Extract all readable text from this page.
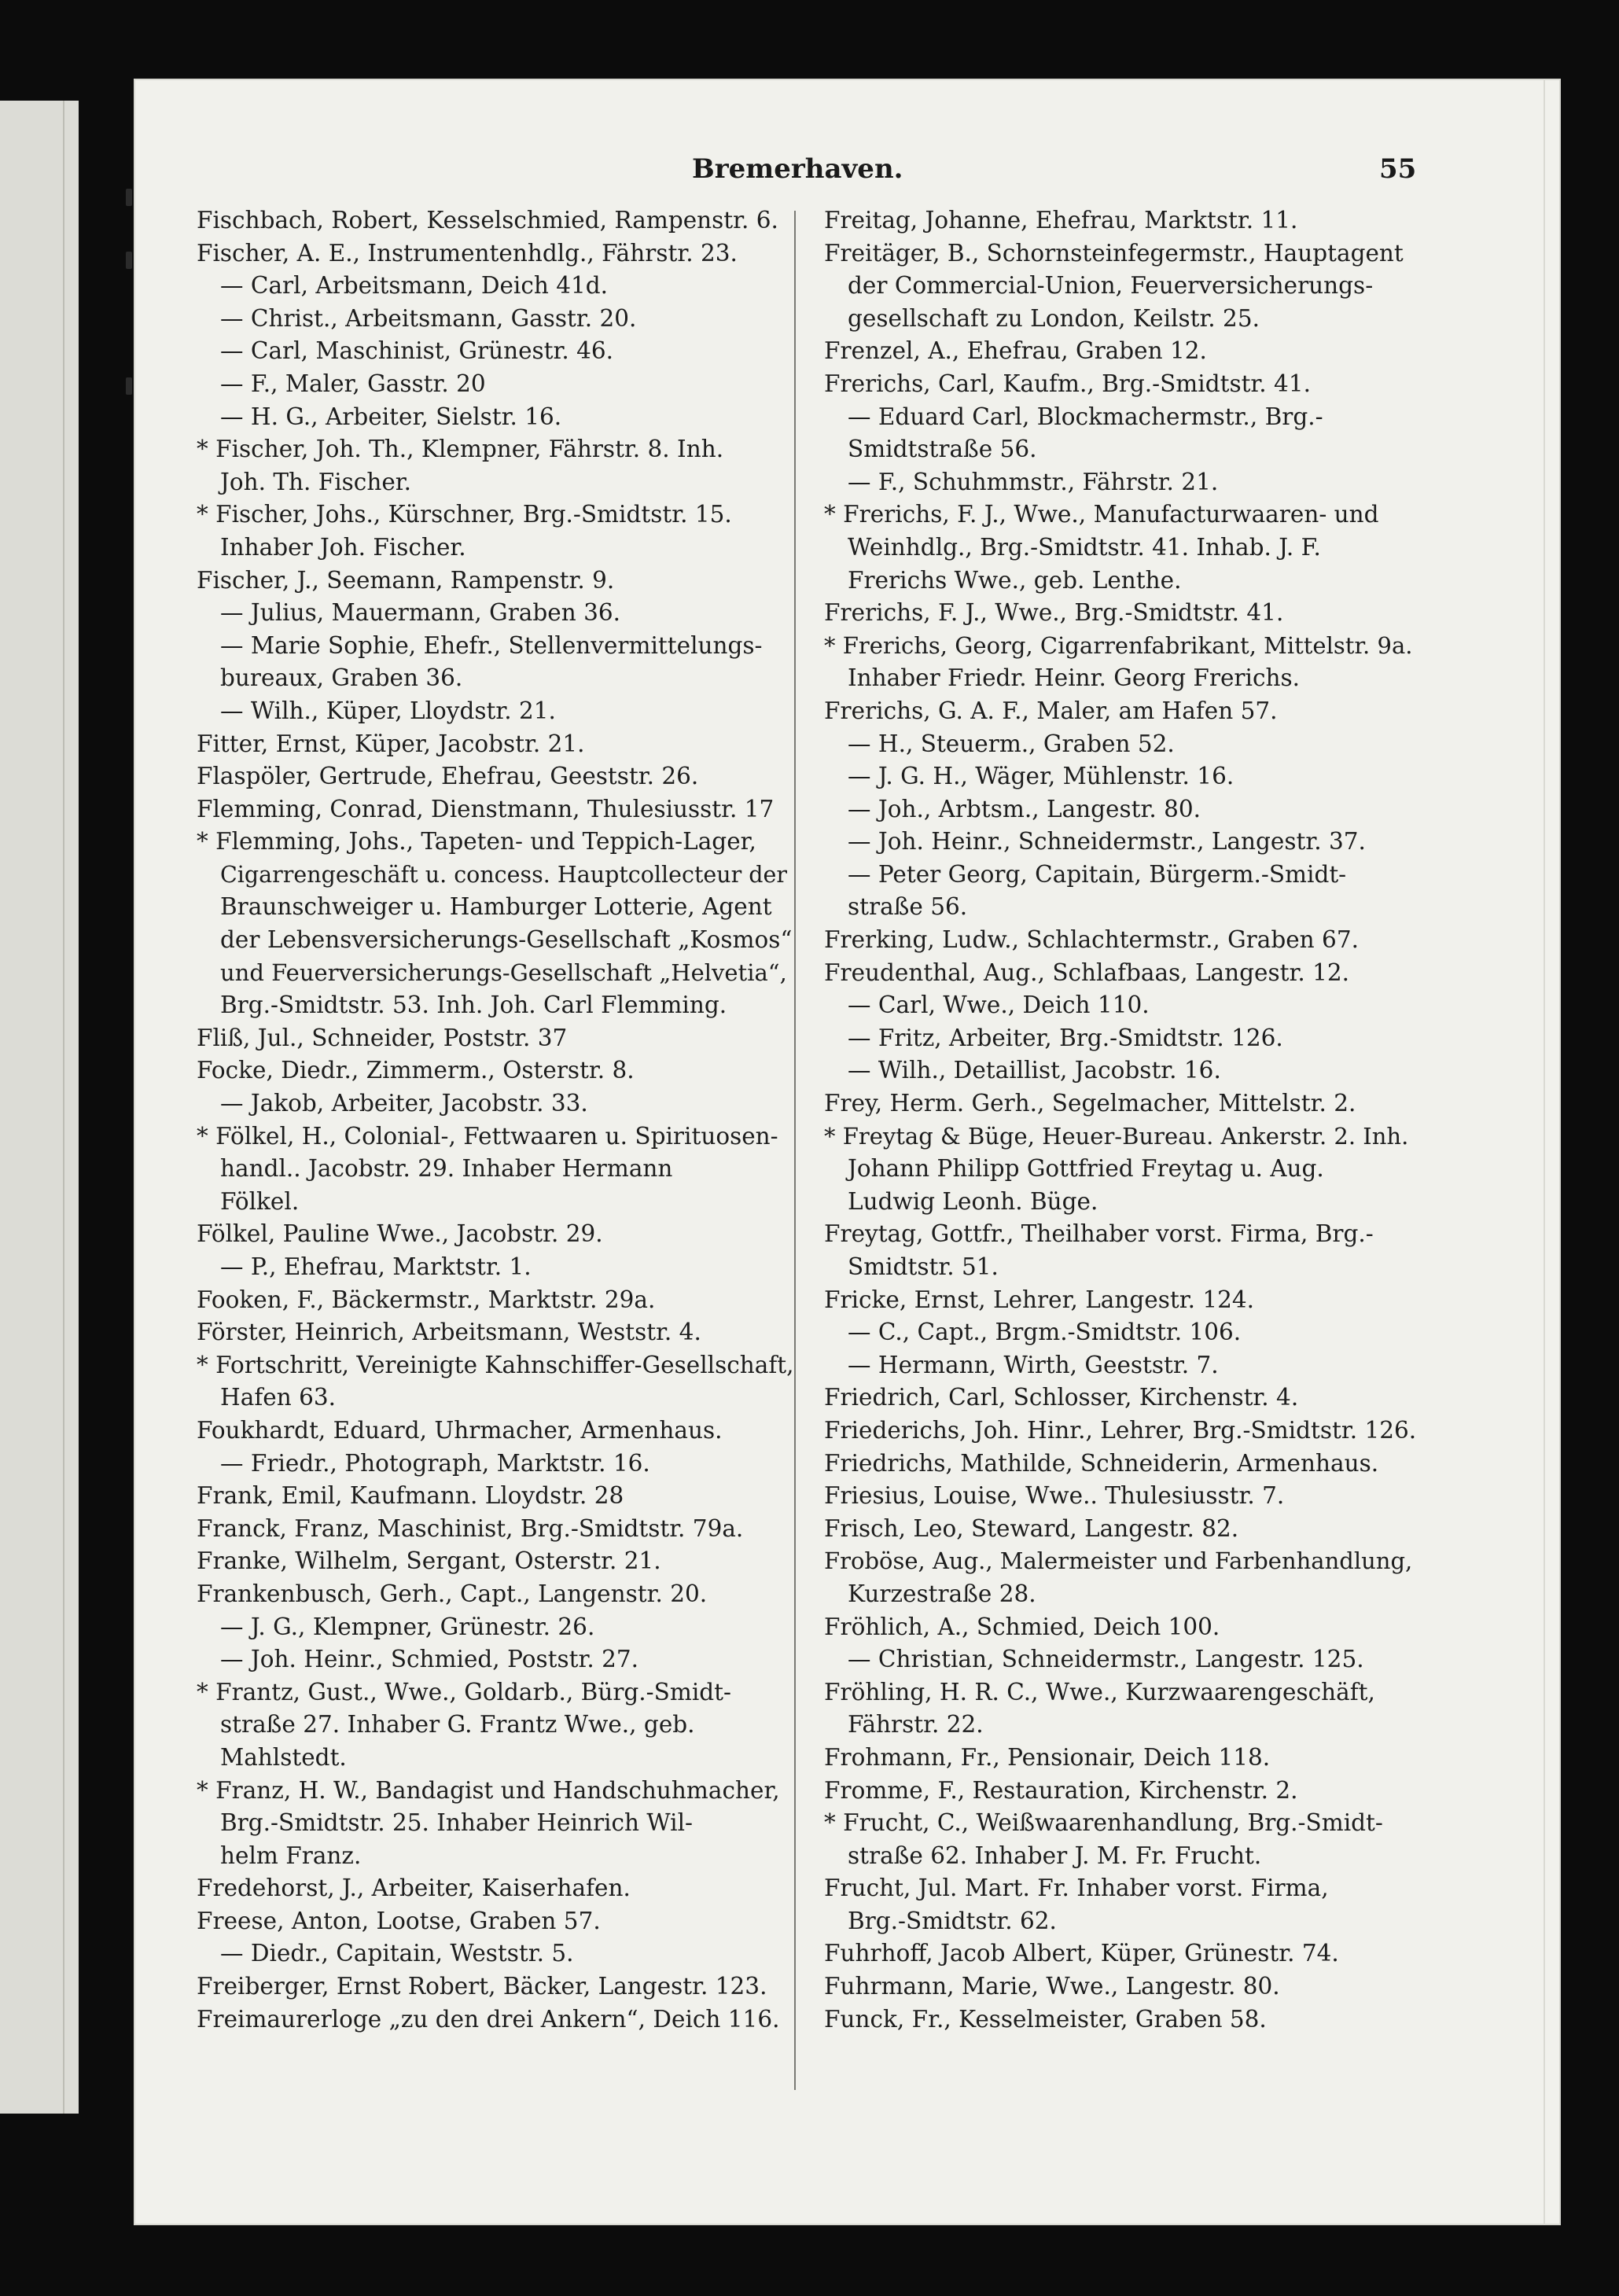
Bremerhaven.	55
Fischbach, Robert, Kesselschmied, Rampenstr. 6.
Fischer, A. E., Instrumentenhdlg., Fährstr. 23.
— Carl, Arbeitsmann, Deich 41d.
— Christ., Arbeitsmann, Gasstr. 20.
— Carl, Maschinist, Grünestr. 46.
— F., Maler, Gasstr. 20
— H. G., Arbeiter, Sielstr. 16.
* Fischer, Joh. Th., Klempner, Fährstr. 8. Inh.
Joh. Th. Fischer.
* Fischer, Johs., Kürschner, Brg.-Smidtstr. 15.
Inhaber Joh. Fischer.
Fischer, J., Seemann, Rampenstr. 9.
— Julius, Mauermann, Graben 36.
— Marie Sophie, Ehefr., Stellenvermittelungs-
bureaux, Graben 36.
— Wilh., Küper, Lloydstr. 21.
Fitter, Ernst, Küper, Jacobstr. 21.
Flaspöler, Gertrude, Ehefrau, Geeststr. 26.
Flemming, Conrad, Dienstmann, Thulesiusstr. 17
* Flemming, Johs., Tapeten- und Teppich-Lager,
Cigarrengeschäft u. concess. Hauptcollecteur der
Braunschweiger u. Hamburger Lotterie, Agent
der Lebensversicherungs-Gesellschaft „Kosmos“
und Feuerversicherungs-Gesellschaft „Helvetia“,
Brg.-Smidtstr. 53. Inh. Joh. Carl Flemming.
Fliß, Jul., Schneider, Poststr. 37
Focke, Diedr., Zimmerm., Osterstr. 8.
— Jakob, Arbeiter, Jacobstr. 33.
* Fölkel, H., Colonial-, Fettwaaren u. Spirituosen-
handl.. Jacobstr. 29. Inhaber Hermann
Fölkel.
Fölkel, Pauline Wwe., Jacobstr. 29.
— P., Ehefrau, Marktstr. 1.
Fooken, F., Bäckermstr., Marktstr. 29a.
Förster, Heinrich, Arbeitsmann, Weststr. 4.
* Fortschritt, Vereinigte Kahnschiffer-Gesellschaft,
Hafen 63.
Foukhardt, Eduard, Uhrmacher, Armenhaus.
— Friedr., Photograph, Marktstr. 16.
Frank, Emil, Kaufmann. Lloydstr. 28
Franck, Franz, Maschinist, Brg.-Smidtstr. 79a.
Franke, Wilhelm, Sergant, Osterstr. 21.
Frankenbusch, Gerh., Capt., Langenstr. 20.
— J. G., Klempner, Grünestr. 26.
— Joh. Heinr., Schmied, Poststr. 27.
* Frantz, Gust., Wwe., Goldarb., Bürg.-Smidt-
straße 27. Inhaber G. Frantz Wwe., geb.
Mahlstedt.
* Franz, H. W., Bandagist und Handschuhmacher,
Brg.-Smidtstr. 25. Inhaber Heinrich Wil-
helm Franz.
Fredehorst, J., Arbeiter, Kaiserhafen.
Freese, Anton, Lootse, Graben 57.
— Diedr., Capitain, Weststr. 5.
Freiberger, Ernst Robert, Bäcker, Langestr. 123.
Freimaurerloge „zu den drei Ankern“, Deich 116.
Freitag, Johanne, Ehefrau, Marktstr. 11.
Freitäger, B., Schornsteinfegermstr., Hauptagent
der Commercial-Union, Feuerversicherungs-
gesellschaft zu London, Keilstr. 25.
Frenzel, A., Ehefrau, Graben 12.
Frerichs, Carl, Kaufm., Brg.-Smidtstr. 41.
— Eduard Carl, Blockmachermstr., Brg.-
Smidtstraße 56.
— F., Schuhmmstr., Fährstr. 21.
* Frerichs, F. J., Wwe., Manufacturwaaren- und
Weinhdlg., Brg.-Smidtstr. 41. Inhab. J. F.
Frerichs Wwe., geb. Lenthe.
Frerichs, F. J., Wwe., Brg.-Smidtstr. 41.
* Frerichs, Georg, Cigarrenfabrikant, Mittelstr. 9a.
Inhaber Friedr. Heinr. Georg Frerichs.
Frerichs, G. A. F., Maler, am Hafen 57.
— H., Steuerm., Graben 52.
— J. G. H., Wäger, Mühlenstr. 16.
— Joh., Arbtsm., Langestr. 80.
— Joh. Heinr., Schneidermstr., Langestr. 37.
— Peter Georg, Capitain, Bürgerm.-Smidt-
straße 56.
Frerking, Ludw., Schlachtermstr., Graben 67.
Freudenthal, Aug., Schlafbaas, Langestr. 12.
— Carl, Wwe., Deich 110.
— Fritz, Arbeiter, Brg.-Smidtstr. 126.
— Wilh., Detaillist, Jacobstr. 16.
Frey, Herm. Gerh., Segelmacher, Mittelstr. 2.
* Freytag & Büge, Heuer-Bureau. Ankerstr. 2. Inh.
Johann Philipp Gottfried Freytag u. Aug.
Ludwig Leonh. Büge.
Freytag, Gottfr., Theilhaber vorst. Firma, Brg.-
Smidtstr. 51.
Fricke, Ernst, Lehrer, Langestr. 124.
— C., Capt., Brgm.-Smidtstr. 106.
— Hermann, Wirth, Geeststr. 7.
Friedrich, Carl, Schlosser, Kirchenstr. 4.
Friederichs, Joh. Hinr., Lehrer, Brg.-Smidtstr. 126.
Friedrichs, Mathilde, Schneiderin, Armenhaus.
Friesius, Louise, Wwe.. Thulesiusstr. 7.
Frisch, Leo, Steward, Langestr. 82.
Froböse, Aug., Malermeister und Farbenhandlung,
Kurzestraße 28.
Fröhlich, A., Schmied, Deich 100.
— Christian, Schneidermstr., Langestr. 125.
Fröhling, H. R. C., Wwe., Kurzwaarengeschäft,
Fährstr. 22.
Frohmann, Fr., Pensionair, Deich 118.
Fromme, F., Restauration, Kirchenstr. 2.
* Frucht, C., Weißwaarenhandlung, Brg.-Smidt-
straße 62. Inhaber J. M. Fr. Frucht.
Frucht, Jul. Mart. Fr. Inhaber vorst. Firma,
Brg.-Smidtstr. 62.
Fuhrhoff, Jacob Albert, Küper, Grünestr. 74.
Fuhrmann, Marie, Wwe., Langestr. 80.
Funck, Fr., Kesselmeister, Graben 58.
